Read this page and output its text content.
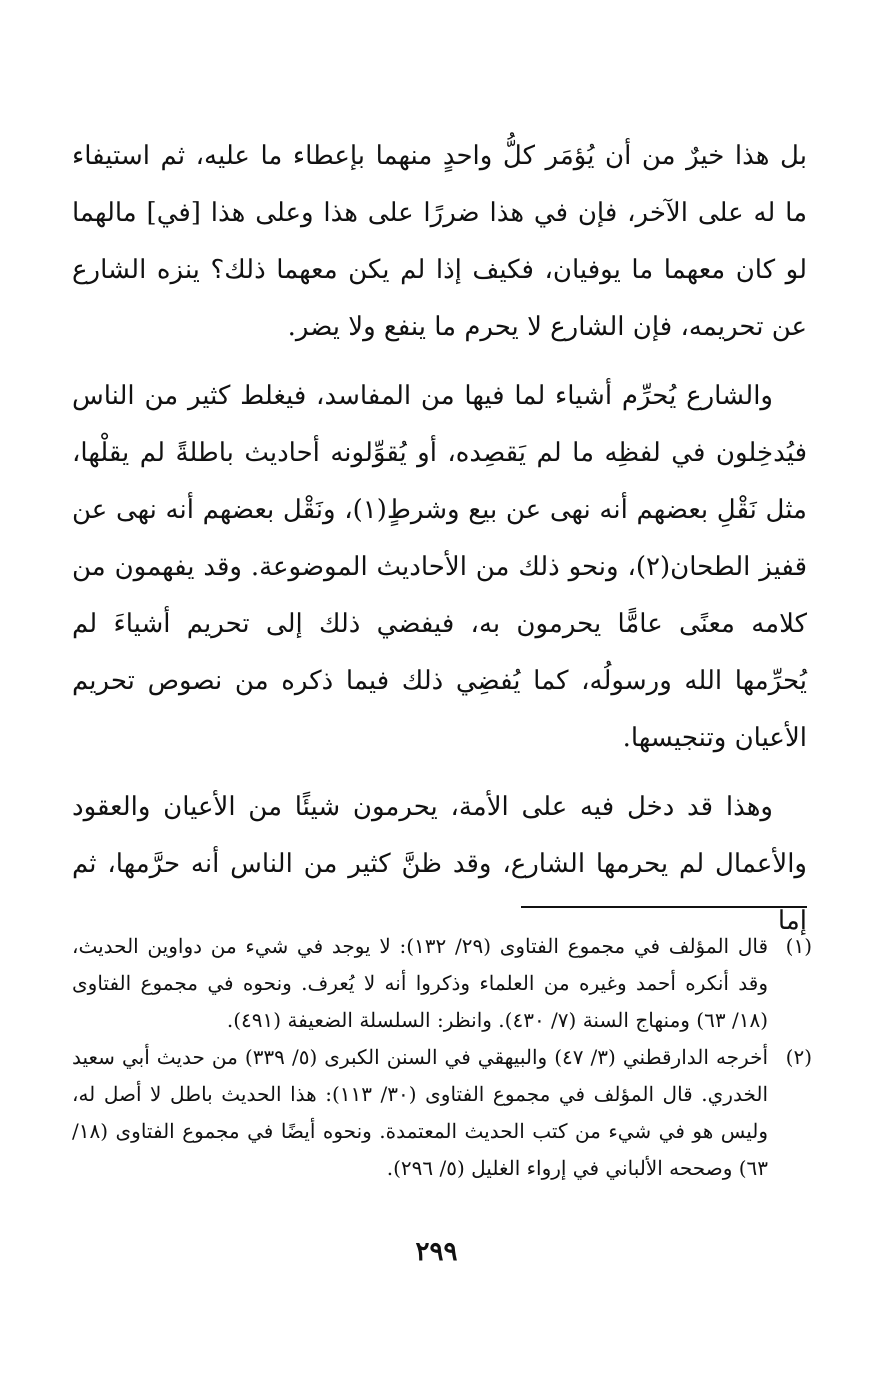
بل هذا خيرٌ من أن يُؤمَر كلُّ واحدٍ منهما بإعطاء ما عليه، ثم استيفاء ما له على الآخر، فإن في هذا ضررًا على هذا وعلى هذا [في] مالهما لو كان معهما ما يوفيان، فكيف إذا لم يكن معهما ذلك؟ ينزه الشارع عن تحريمه، فإن الشارع لا يحرم ما ينفع ولا يضر.

والشارع يُحرِّم أشياء لما فيها من المفاسد، فيغلط كثير من الناس فيُدخِلون في لفظِه ما لم يَقصِده، أو يُقوِّلونه أحاديث باطلةً لم يقلْها، مثل نَقْلِ بعضهم أنه نهى عن بيع وشرطٍ(١)، ونَقْل بعضهم أنه نهى عن قفيز الطحان(٢)، ونحو ذلك من الأحاديث الموضوعة. وقد يفهمون من كلامه معنًى عامًّا يحرمون به، فيفضي ذلك إلى تحريم أشياءَ لم يُحرِّمها الله ورسولُه، كما يُفضِي ذلك فيما ذكره من نصوص تحريم الأعيان وتنجيسها.

وهذا قد دخل فيه على الأمة، يحرمون شيئًا من الأعيان والعقود والأعمال لم يحرمها الشارع، وقد ظنَّ كثير من الناس أنه حرَّمها، ثم إما

(١)
قال المؤلف في مجموع الفتاوى (٢٩/ ١٣٢): لا يوجد في شيء من دواوين الحديث، وقد أنكره أحمد وغيره من العلماء وذكروا أنه لا يُعرف. ونحوه في مجموع الفتاوى (١٨/ ٦٣) ومنهاج السنة (٧/ ٤٣٠). وانظر: السلسلة الضعيفة (٤٩١).
(٢)
أخرجه الدارقطني (٣/ ٤٧) والبيهقي في السنن الكبرى (٥/ ٣٣٩) من حديث أبي سعيد الخدري. قال المؤلف في مجموع الفتاوى (٣٠/ ١١٣): هذا الحديث باطل لا أصل له، وليس هو في شيء من كتب الحديث المعتمدة. ونحوه أيضًا في مجموع الفتاوى (١٨/ ٦٣) وصححه الألباني في إرواء الغليل (٥/ ٢٩٦).
٢٩٩
